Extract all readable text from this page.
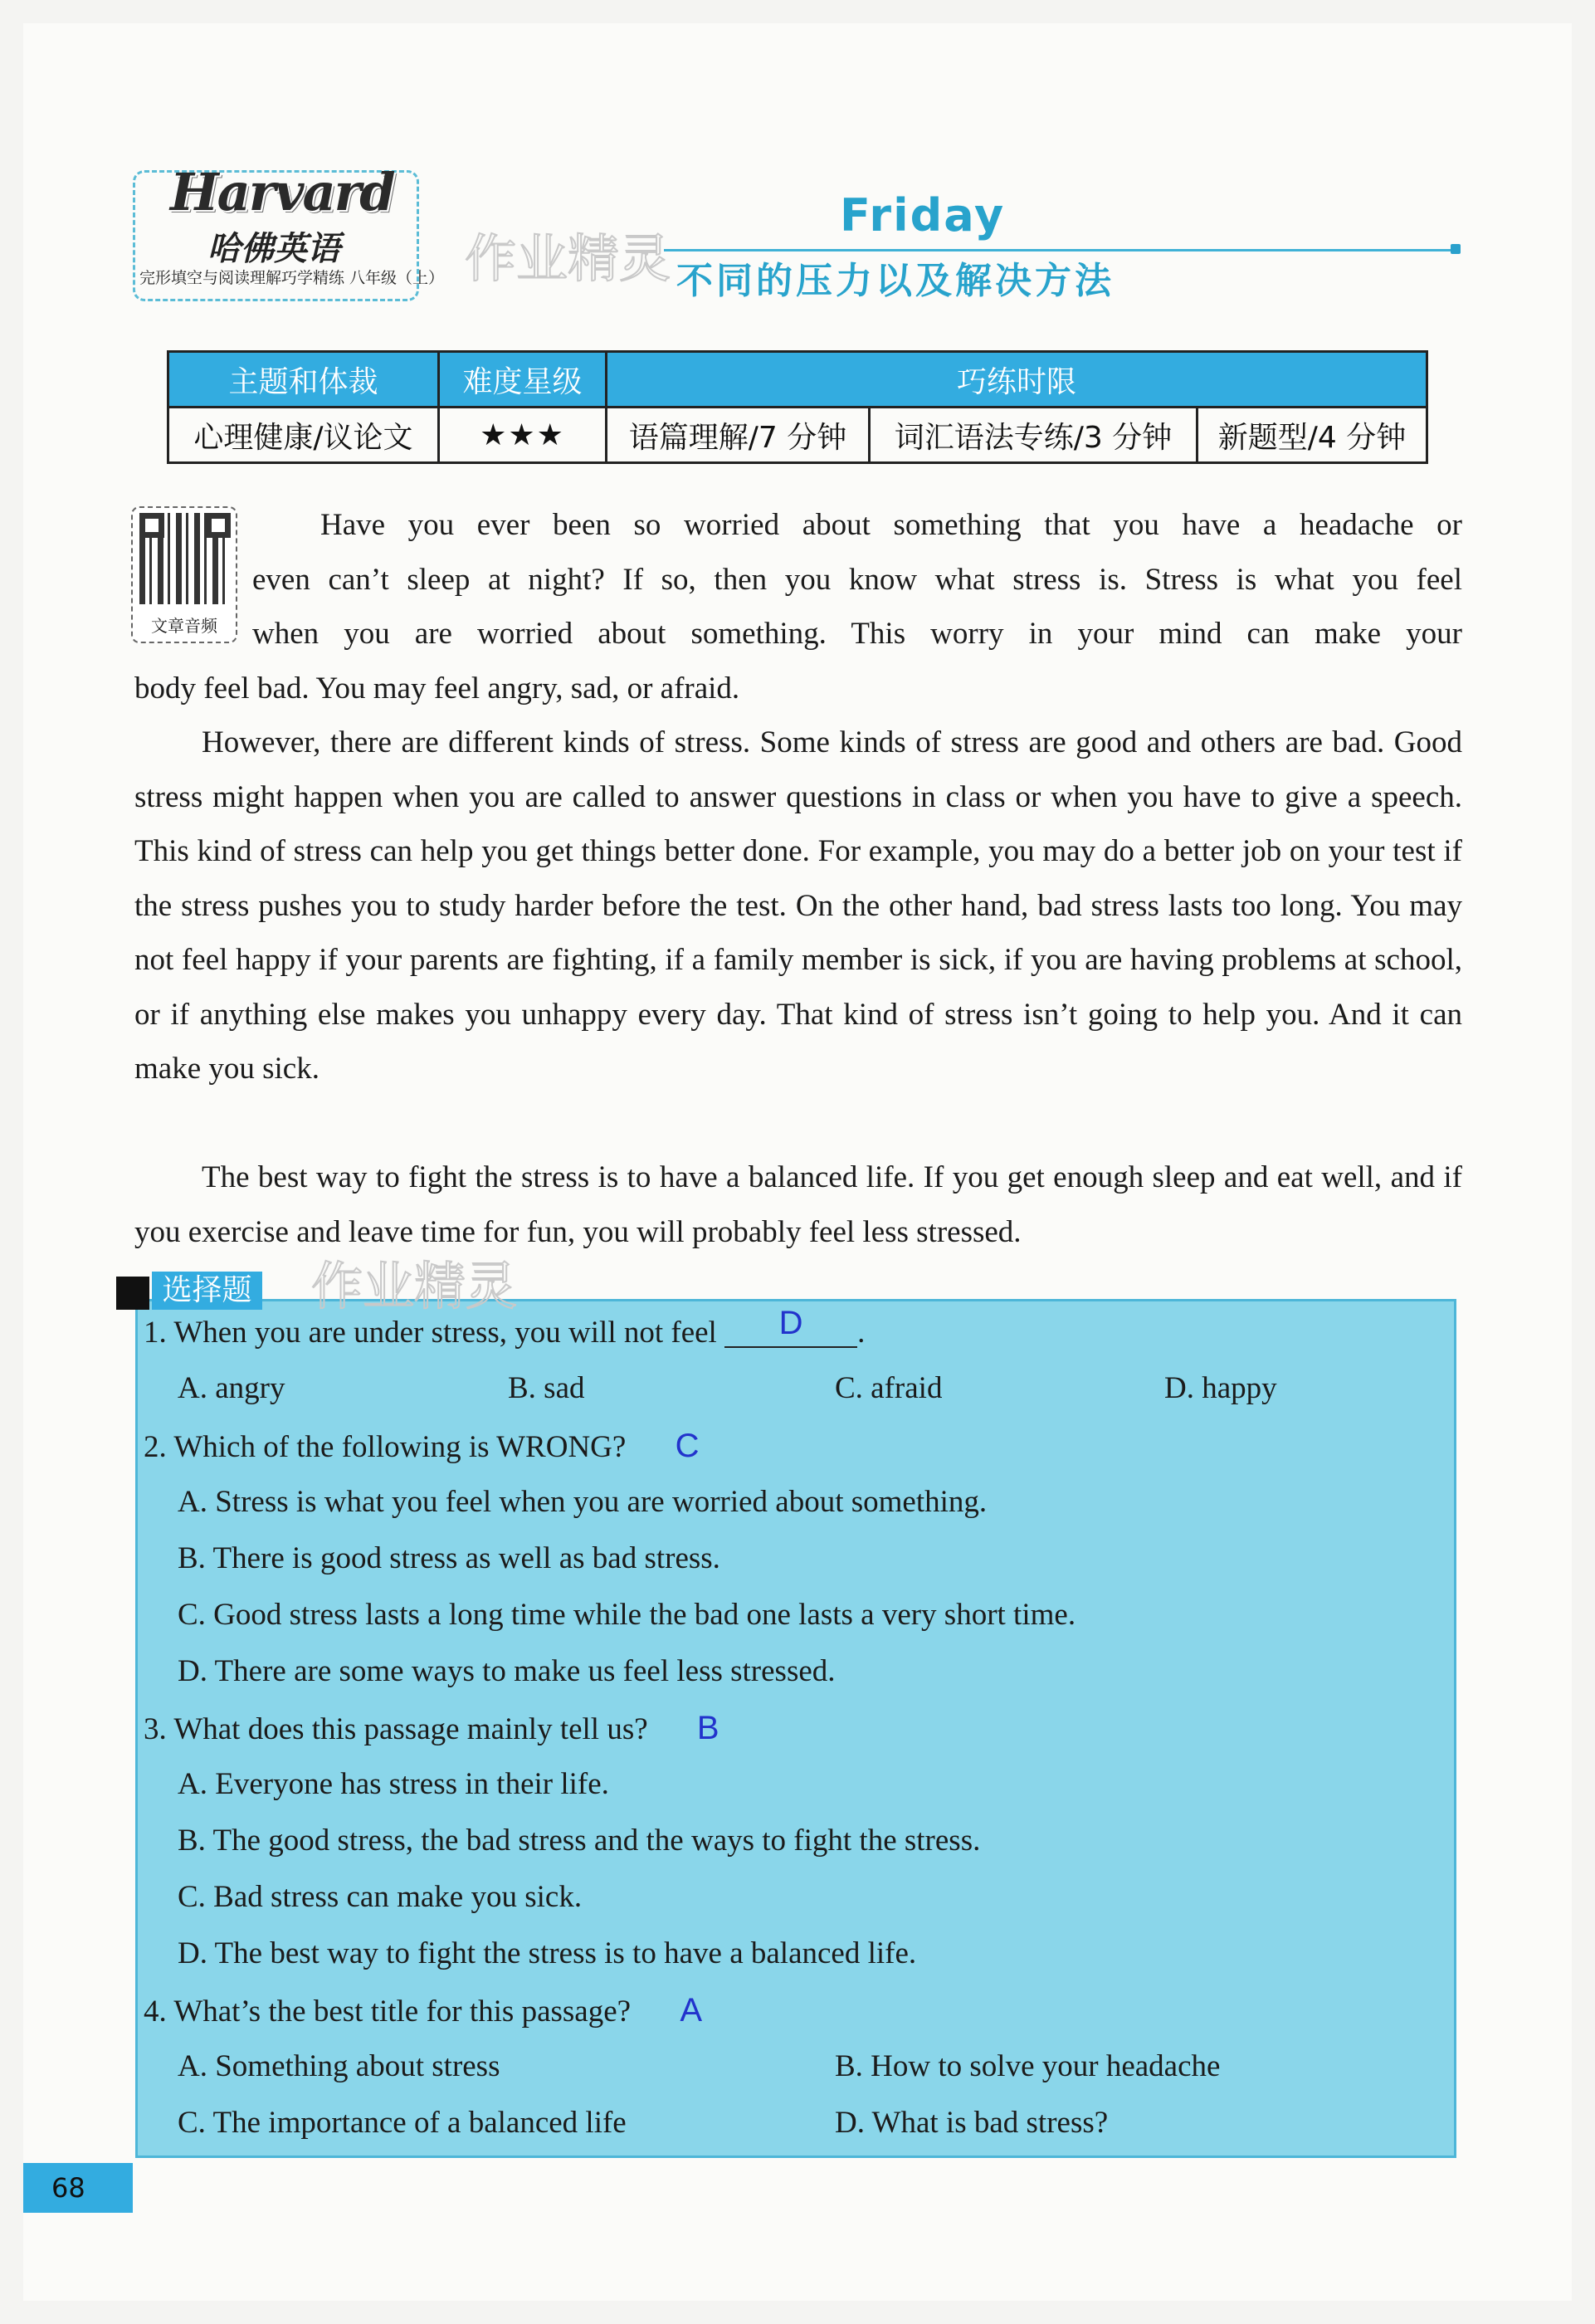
Harvard
哈佛英语
完形填空与阅读理解巧学精练 八年级（上） 作业精灵
Friday
不同的压力以及解决方法
主题和体裁	难度星级	巧练时限		
心理健康/议论文	★★★	语篇理解/7 分钟	词汇语法专练/3 分钟	新题型/4 分钟
文章音频
Have you ever been so worried about something that you have a headache or
even can’t sleep at night? If so, then you know what stress is. Stress is what you feel
when you are worried about something. This worry in your mind can make your
body feel bad. You may feel angry, sad, or afraid.

However, there are different kinds of stress. Some kinds of stress are good and others are bad. Good stress might happen when you are called to answer questions in class or when you have to give a speech. This kind of stress can help you get things better done. For example, you may do a better job on your test if the stress pushes you to study harder before the test. On the other hand, bad stress lasts too long. You may not feel happy if your parents are fighting, if a family member is sick, if you are having problems at school, or if anything else makes you unhappy every day. That kind of stress isn’t going to help you. And it can make you sick.

The best way to fight the stress is to have a balanced life. If you get enough sleep and eat well, and if you exercise and leave time for fun, you will probably feel less stressed.

选择题 作业精灵
1. When you are under stress, you will not feel D .
A. angry	B. sad	C. afraid	D. happy
2. Which of the following is WRONG? C
A. Stress is what you feel when you are worried about something.
B. There is good stress as well as bad stress.
C. Good stress lasts a long time while the bad one lasts a very short time.
D. There are some ways to make us feel less stressed.
3. What does this passage mainly tell us? B
A. Everyone has stress in their life.
B. The good stress, the bad stress and the ways to fight the stress.
C. Bad stress can make you sick.
D. The best way to fight the stress is to have a balanced life.
4. What’s the best title for this passage? A
A. Something about stress	B. How to solve your headache
C. The importance of a balanced life	D. What is bad stress?
68
